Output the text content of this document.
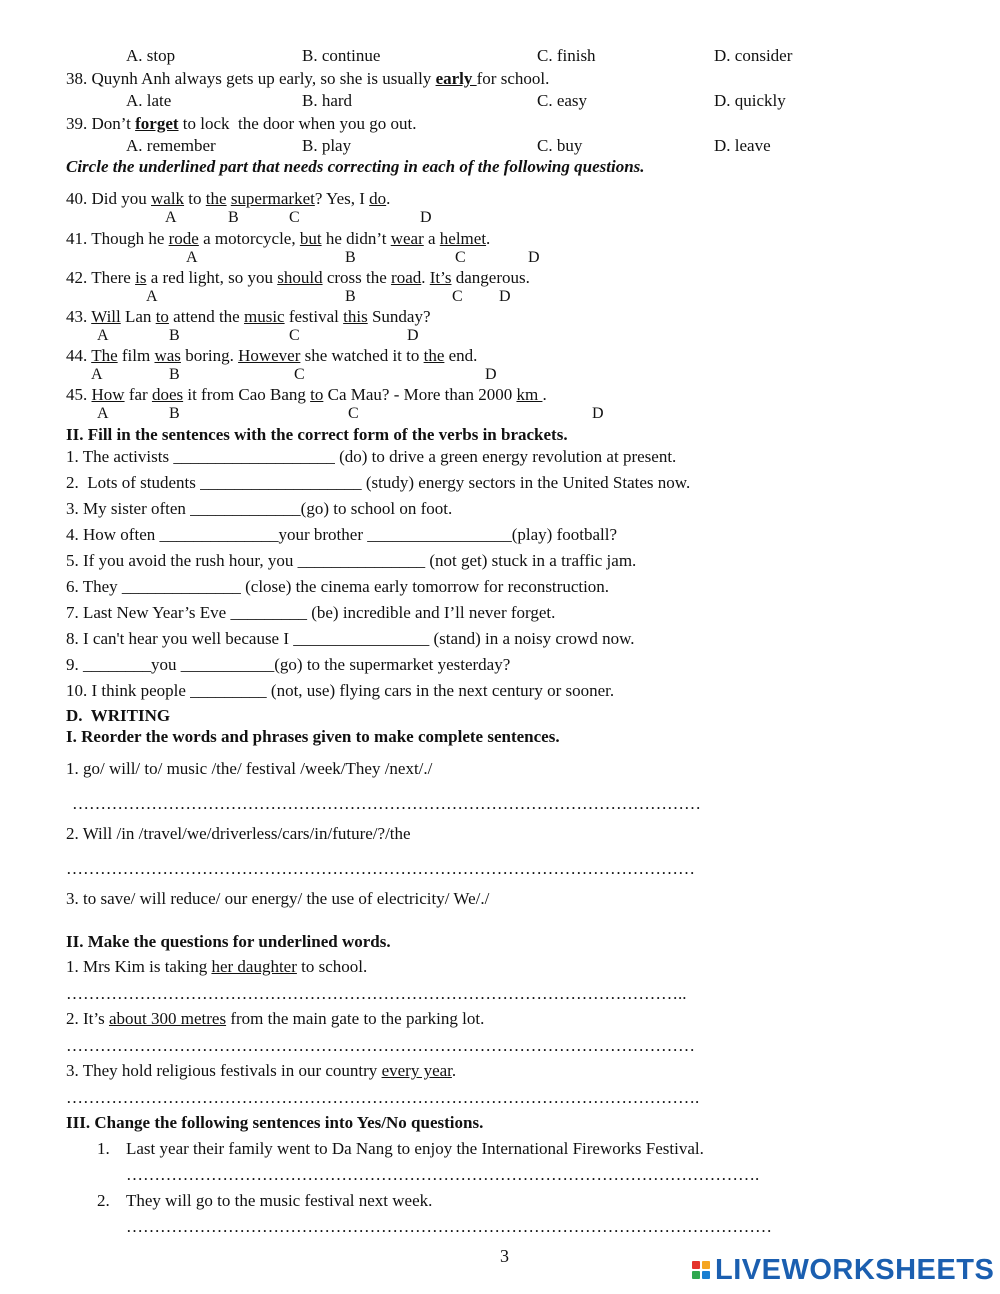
A. stop	B. continue	C. finish	D. consider
38. Quynh Anh always gets up early, so she is usually early for school.
A. late	B. hard	C. easy	D. quickly
39. Don’t forget to lock  the door when you go out.
A. remember	B. play	C. buy	D. leave
Circle the underlined part that needs correcting in each of the following questions.
40. Did you walk to the supermarket? Yes, I do.
A	B	C	D
41. Though he rode a motorcycle, but he didn’t wear a helmet.
A	B	C	D
42. There is a red light, so you should cross the road. It’s dangerous.
A	B	C D
43. Will Lan to attend the music festival this Sunday?
A	B	C	D
44. The film was boring. However she watched it to the end.
A	B	C	D
45. How far does it from Cao Bang to Ca Mau? - More than 2000 km .
A	B	C	D
II. Fill in the sentences with the correct form of the verbs in brackets.
1. The activists ___________________ (do) to drive a green energy revolution at present.
2.  Lots of students ___________________ (study) energy sectors in the United States now.
3. My sister often _____________(go) to school on foot.
4. How often ______________your brother _________________(play) football?
5. If you avoid the rush hour, you _______________ (not get) stuck in a traffic jam.
6. They ______________ (close) the cinema early tomorrow for reconstruction.
7. Last New Year’s Eve _________ (be) incredible and I’ll never forget.
8. I can't hear you well because I ________________ (stand) in a noisy crowd now.
9. ________you ___________(go) to the supermarket yesterday?
10. I think people _________ (not, use) flying cars in the next century or sooner.
D.  WRITING
I. Reorder the words and phrases given to make complete sentences.
1. go/ will/ to/ music /the/ festival /week/They /next/./
…………………………………………………………………………………………………
2. Will /in /travel/we/driverless/cars/in/future/?/the
…………………………………………………………………………………………………
3. to save/ will reduce/ our energy/ the use of electricity/ We/./
II. Make the questions for underlined words.
1. Mrs Kim is taking her daughter to school.
………………………………………………………………………………………………..
2. It’s about 300 metres from the main gate to the parking lot.
…………………………………………………………………………………………………
3. They hold religious festivals in our country every year.
………………………………………………………………………………………………….
III. Change the following sentences into Yes/No questions.
1. Last year their family went to Da Nang to enjoy the International Fireworks Festival.
………………………………………………………………………………………………….
2. They will go to the music festival next week.
……………………………………………………………………………………………………
3	LIVEWORKSHEETS
